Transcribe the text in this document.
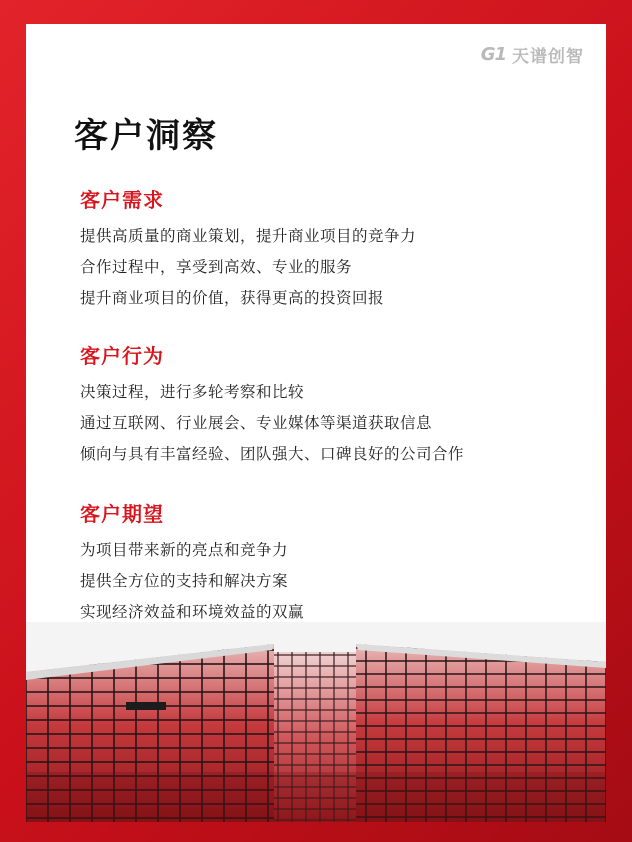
G1 天谱创智
客户洞察
客户需求
提供高质量的商业策划，提升商业项目的竞争力
合作过程中，享受到高效、专业的服务
提升商业项目的价值，获得更高的投资回报
客户行为
决策过程，进行多轮考察和比较
通过互联网、行业展会、专业媒体等渠道获取信息
倾向与具有丰富经验、团队强大、口碑良好的公司合作
客户期望
为项目带来新的亮点和竞争力
提供全方位的支持和解决方案
实现经济效益和环境效益的双赢
